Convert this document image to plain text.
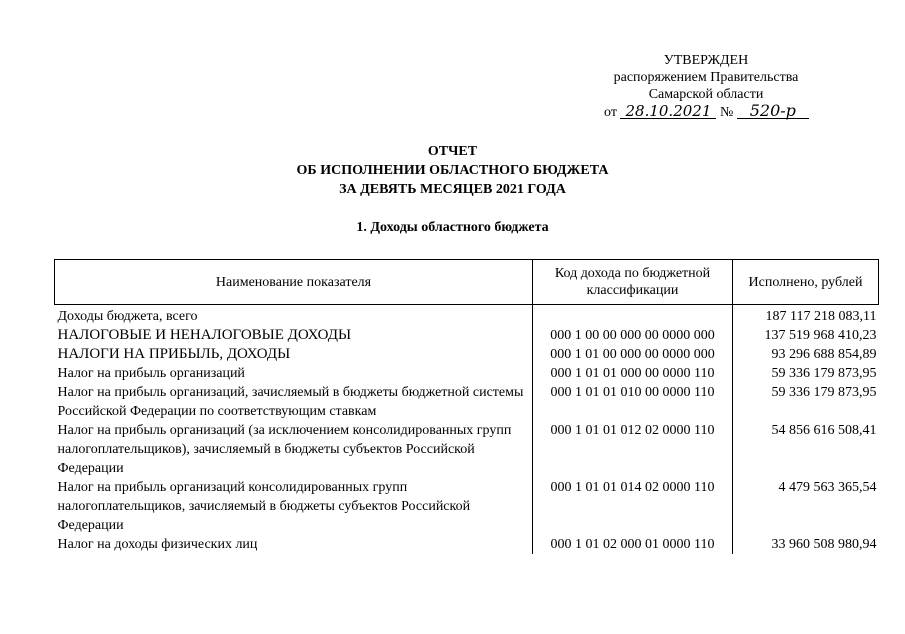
УТВЕРЖДЕН
распоряжением Правительства
Самарской области
от 28.10.2021 № 520-р
ОТЧЕТ
ОБ ИСПОЛНЕНИИ ОБЛАСТНОГО БЮДЖЕТА
ЗА ДЕВЯТЬ МЕСЯЦЕВ 2021 ГОДА
1. Доходы областного бюджета
Наименование показателя	Код дохода по бюджетной классификации	Исполнено, рублей
Доходы бюджета, всего		187 117 218 083,11
НАЛОГОВЫЕ И НЕНАЛОГОВЫЕ ДОХОДЫ	000 1 00 00 000 00 0000 000	137 519 968 410,23
НАЛОГИ НА ПРИБЫЛЬ, ДОХОДЫ	000 1 01 00 000 00 0000 000	93 296 688 854,89
Налог на прибыль организаций	000 1 01 01 000 00 0000 110	59 336 179 873,95
Налог на прибыль организаций, зачисляемый в бюджеты бюджетной системы Российской Федерации по соответствующим ставкам	000 1 01 01 010 00 0000 110	59 336 179 873,95
Налог на прибыль организаций (за исключением консолидированных групп налогоплательщиков), зачисляемый в бюджеты субъектов Российской Федерации	000 1 01 01 012 02 0000 110	54 856 616 508,41
Налог на прибыль организаций консолидированных групп налогоплательщиков, зачисляемый в бюджеты субъектов Российской Федерации	000 1 01 01 014 02 0000 110	4 479 563 365,54
Налог на доходы физических лиц	000 1 01 02 000 01 0000 110	33 960 508 980,94
